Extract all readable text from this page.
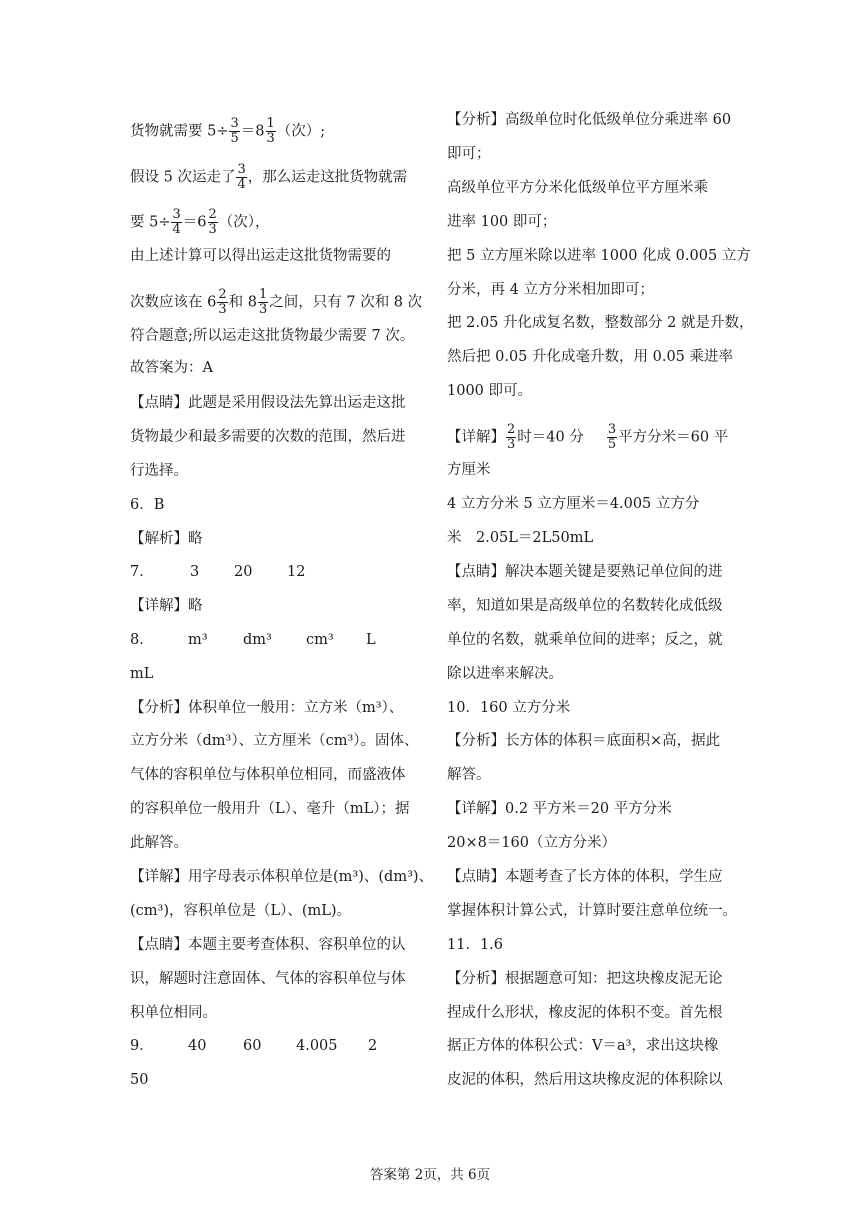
货物就需要 $5\div \frac{3}{5} =8 \frac{1}{3}$ （次）;
假设 5 次运走了 $\frac{3}{4}$ ，那么运走这批货物就需
要 $5\div \frac{3}{4} =6 \frac{2}{3}$ （次），
由上述计算可以得出运走这批货物需要的
次数应该在 $6 \frac{2}{3}$ 和 $8 \frac{1}{3}$ 之间，只有 7 次和 8 次
符合题意;所以运走这批货物最少需要 7 次。
故答案为：A
【点睛】此题是采用假设法先算出运走这批
货物最少和最多需要的次数的范围，然后进
行选择。
6．B
【解析】略
7．	3 20 12
【详解】略
8． m³ dm³ cm³ L
mL
【分析】体积单位一般用：立方米（m³）、
立方分米（dm³）、立方厘米（cm³）。固体、
气体的容积单位与体积单位相同，而盛液体
的容积单位一般用升（L）、毫升（mL）；据
此解答。
【详解】用字母表示体积单位是(m³)、(dm³)、
(cm³)，容积单位是（L）、(mL)。
【点睛】本题主要考查体积、容积单位的认
识，解题时注意固体、气体的容积单位与体
积单位相同。
9． 40	60 4.005 2
50
【分析】高级单位时化低级单位分乘进率 60
即可；
高级单位平方分米化低级单位平方厘米乘
进率 100 即可；
把 5 立方厘米除以进率 1000 化成 0.005 立方
分米，再 4 立方分米相加即可；
把 2.05 升化成复名数，整数部分 2 就是升数，
然后把 0.05 升化成毫升数，用 0.05 乘进率
1000 即可。
【详解】 $\frac{2}{3}$ 时＝40 分 $\frac{3}{5}$ 平方分米＝60 平
方厘米
4 立方分米 5 立方厘米＝4.005 立方分
米　2.05L＝2L50mL
【点睛】解决本题关键是要熟记单位间的进
率，知道如果是高级单位的名数转化成低级
单位的名数，就乘单位间的进率；反之，就
除以进率来解决。
10．160 立方分米
【分析】长方体的体积＝底面积×高，据此
解答。
【详解】0.2 平方米＝20 平方分米
20×8＝160（立方分米）
【点睛】本题考查了长方体的体积，学生应
掌握体积计算公式，计算时要注意单位统一。
11．1.6
【分析】根据题意可知：把这块橡皮泥无论
捏成什么形状，橡皮泥的体积不变。首先根
据正方体的体积公式：V＝a³，求出这块橡
皮泥的体积，然后用这块橡皮泥的体积除以
答案第 2页，共 6页
